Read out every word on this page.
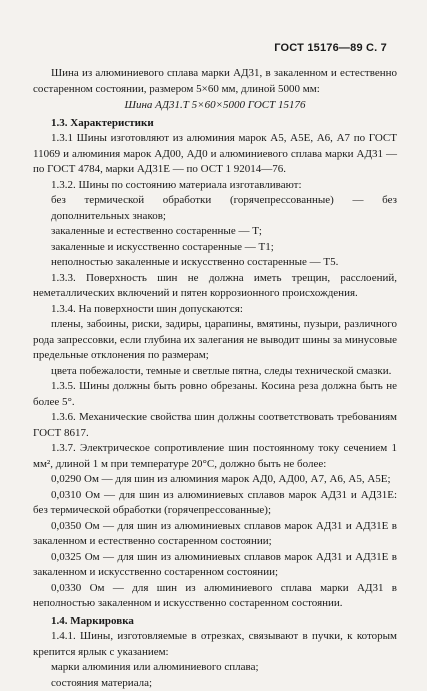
ГОСТ 15176—89 С. 7
Шина из алюминиевого сплава марки АД31, в закаленном и естественно состаренном состоянии, размером 5×60 мм, длиной 5000 мм:
Шина АД31.Т 5×60×5000 ГОСТ 15176
1.3. Характеристики
1.3.1 Шины изготовляют из алюминия марок А5, А5Е, А6, А7 по ГОСТ 11069 и алюминия марок АД00, АД0 и алюминиевого сплава марки АД31 — по ГОСТ 4784, марки АД31Е — по ОСТ 1 92014—76.
1.3.2. Шины по состоянию материала изготавливают:
без термической обработки (горячепрессованные) — без дополнительных знаков;
закаленные и естественно состаренные — Т;
закаленные и искусственно состаренные — Т1;
неполностью закаленные и искусственно состаренные — Т5.
1.3.3. Поверхность шин не должна иметь трещин, расслоений, неметаллических включений и пятен коррозионного происхождения.
1.3.4. На поверхности шин допускаются:
плены, забоины, риски, задиры, царапины, вмятины, пузыри, различного рода запрессовки, если глубина их залегания не выводит шины за минусовые предельные отклонения по размерам;
цвета побежалости, темные и светлые пятна, следы технической смазки.
1.3.5. Шины должны быть ровно обрезаны. Косина реза должна быть не более 5°.
1.3.6. Механические свойства шин должны соответствовать требованиям ГОСТ 8617.
1.3.7. Электрическое сопротивление шин постоянному току сечением 1 мм², длиной 1 м при температуре 20°С, должно быть не более:
0,0290 Ом — для шин из алюминия марок АД0, АД00, А7, А6, А5, А5Е;
0,0310 Ом — для шин из алюминиевых сплавов марок АД31 и АД31Е: без термической обработки (горячепрессованные);
0,0350 Ом — для шин из алюминиевых сплавов марок АД31 и АД31Е в закаленном и естественно состаренном состоянии;
0,0325 Ом — для шин из алюминиевых сплавов марок АД31 и АД31Е в закаленном и искусственно состаренном состоянии;
0,0330 Ом — для шин из алюминиевого сплава марки АД31 в неполностью закаленном и искусственно состаренном состоянии.
1.4. Маркировка
1.4.1. Шины, изготовляемые в отрезках, связывают в пучки, к которым крепится ярлык с указанием:
марки алюминия или алюминиевого сплава;
состояния материала;
